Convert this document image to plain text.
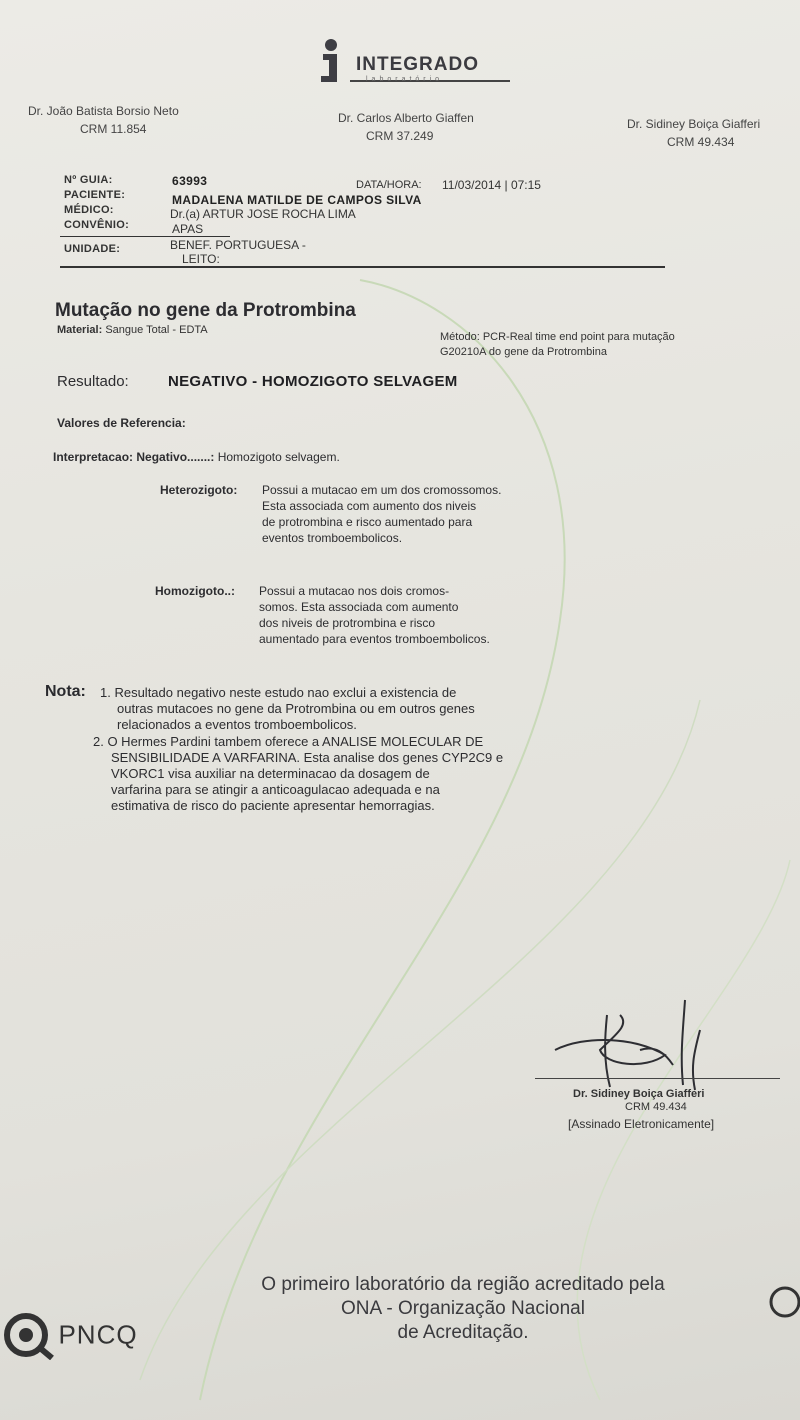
INTEGRADO
laboratório
Dr. João Batista Borsio Neto
CRM 11.854
Dr. Carlos Alberto Giaffen
CRM 37.249
Dr. Sidiney Boiça Giafferi
CRM 49.434
Nº GUIA:	63993	DATA/HORA: 11/03/2014 | 07:15
PACIENTE:	MADALENA MATILDE DE CAMPOS SILVA
MÉDICO:	Dr.(a) ARTUR JOSE ROCHA LIMA
CONVÊNIO:	APAS
UNIDADE:	BENEF. PORTUGUESA -
LEITO:
Mutação no gene da Protrombina
Material: Sangue Total - EDTA
Método: PCR-Real time end point para mutação
G20210A do gene da Protrombina
Resultado:	NEGATIVO - HOMOZIGOTO SELVAGEM
Valores de Referencia:
Interpretacao: Negativo.......: Homozigoto selvagem.
Heterozigoto: Possui a mutacao em um dos cromossomos.
Esta associada com aumento dos niveis
de protrombina e risco aumentado para
eventos tromboembolicos.
Homozigoto..: Possui a mutacao nos dois cromos-
somos. Esta associada com aumento
dos niveis de protrombina e risco
aumentado para eventos tromboembolicos.
Nota: 1. Resultado negativo neste estudo nao exclui a existencia de
outras mutacoes no gene da Protrombina ou em outros genes
relacionados a eventos tromboembolicos.
2. O Hermes Pardini tambem oferece a ANALISE MOLECULAR DE
SENSIBILIDADE A VARFARINA. Esta analise dos genes CYP2C9 e
VKORC1 visa auxiliar na determinacao da dosagem de
varfarina para se atingir a anticoagulacao adequada e na
estimativa de risco do paciente apresentar hemorragias.
Dr. Sidiney Boiça Giafferi
CRM 49.434
[Assinado Eletronicamente]
PNCQ
O primeiro laboratório da região acreditado pela
ONA - Organização Nacional
de Acreditação.
